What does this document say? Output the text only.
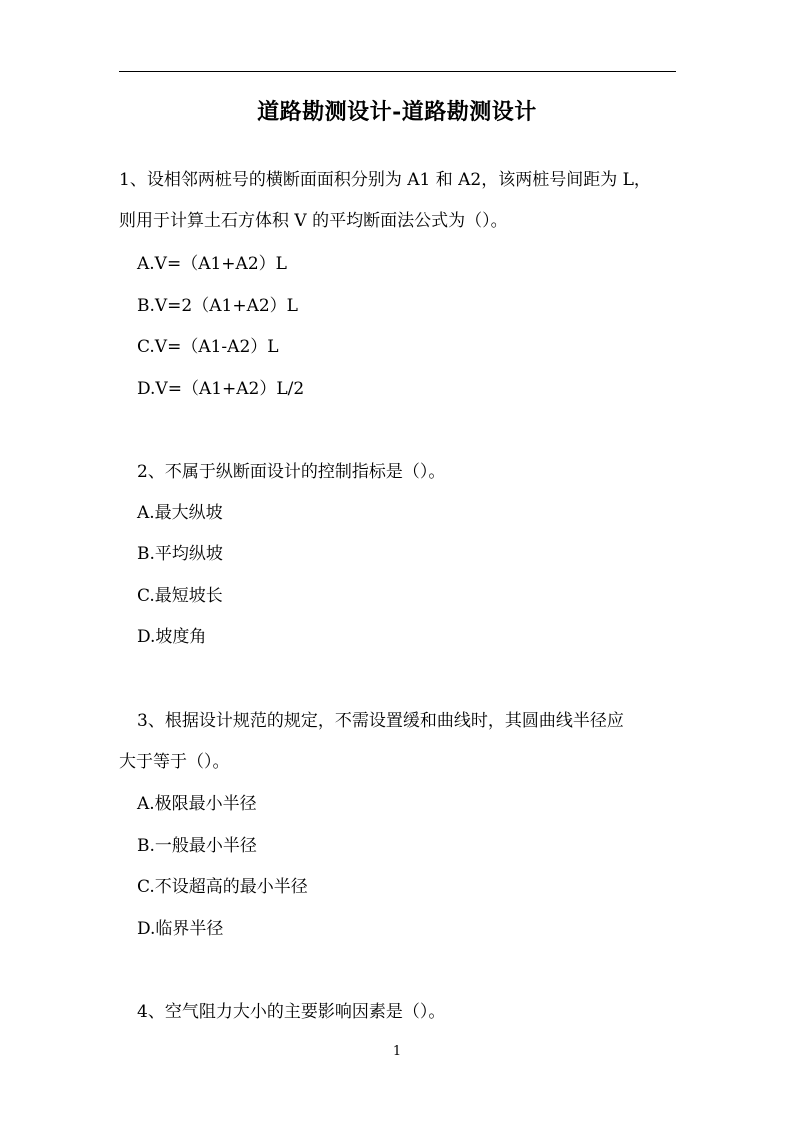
道路勘测设计-道路勘测设计
1、设相邻两桩号的横断面面积分别为 A1 和 A2，该两桩号间距为 L，
则用于计算土石方体积 V 的平均断面法公式为（）。
A.V=（A1+A2）L
B.V=2（A1+A2）L
C.V=（A1-A2）L
D.V=（A1+A2）L/2
2、不属于纵断面设计的控制指标是（）。
A.最大纵坡
B.平均纵坡
C.最短坡长
D.坡度角
3、根据设计规范的规定，不需设置缓和曲线时，其圆曲线半径应
大于等于（）。
A.极限最小半径
B.一般最小半径
C.不设超高的最小半径
D.临界半径
4、空气阻力大小的主要影响因素是（）。
1
